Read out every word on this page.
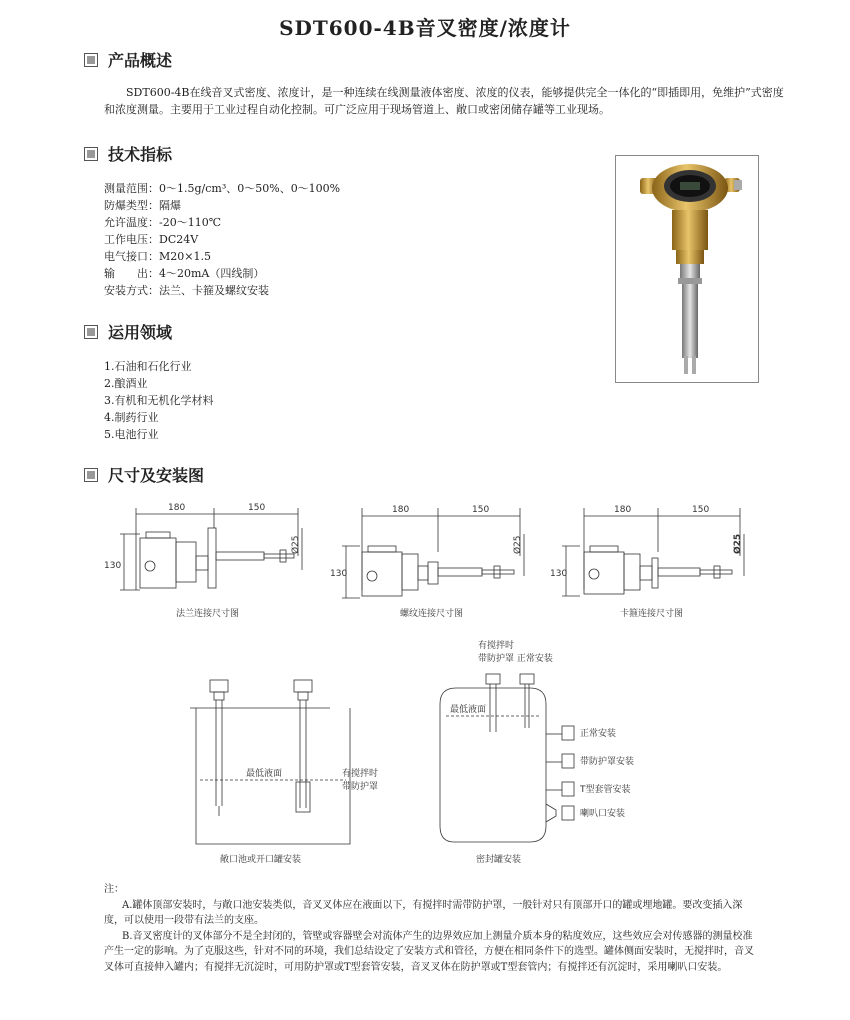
SDT600-4B音叉密度/浓度计
产品概述
SDT600-4B在线音叉式密度、浓度计，是一种连续在线测量液体密度、浓度的仪表，能够提供完全一体化的“即插即用，免维护”式密度和浓度测量。主要用于工业过程自动化控制。可广泛应用于现场管道上、敞口或密闭储存罐等工业现场。
技术指标
测量范围：0～1.5g/cm³、0～50%、0～100%
防爆类型：隔爆
允许温度：-20～110℃
工作电压：DC24V
电气接口：M20×1.5
输　　出：4～20mA（四线制）
安装方式：法兰、卡箍及螺纹安装
运用领域
1.石油和石化行业
2.酿酒业
3.有机和无机化学材料
4.制药行业
5.电池行业
尺寸及安装图
180	150
130
Ø25
180	150
130
Ø25
180	150
130
Ø25
法兰连接尺寸图	螺纹连接尺寸图	卡箍连接尺寸图
最低液面	有搅拌时
带防护罩
有搅拌时
带防护罩 正常安装
最低液面
正常安装
带防护罩安装
T型套管安装
喇叭口安装
敞口池或开口罐安装	密封罐安装

注：

A.罐体顶部安装时，与敞口池安装类似，音叉叉体应在液面以下，有搅拌时需带防护罩，一般针对只有顶部开口的罐或埋地罐。要改变插入深度，可以使用一段带有法兰的支座。

B.音叉密度计的叉体部分不是全封闭的，管壁或容器壁会对流体产生的边界效应加上测量介质本身的粘度效应，这些效应会对传感器的测量校准产生一定的影响。为了克服这些，针对不同的环境，我们总结设定了安装方式和管径，方便在相同条件下的选型。罐体侧面安装时，无搅拌时，音叉叉体可直接伸入罐内；有搅拌无沉淀时，可用防护罩或T型套管安装，音叉叉体在防护罩或T型套管内；有搅拌还有沉淀时，采用喇叭口安装。
